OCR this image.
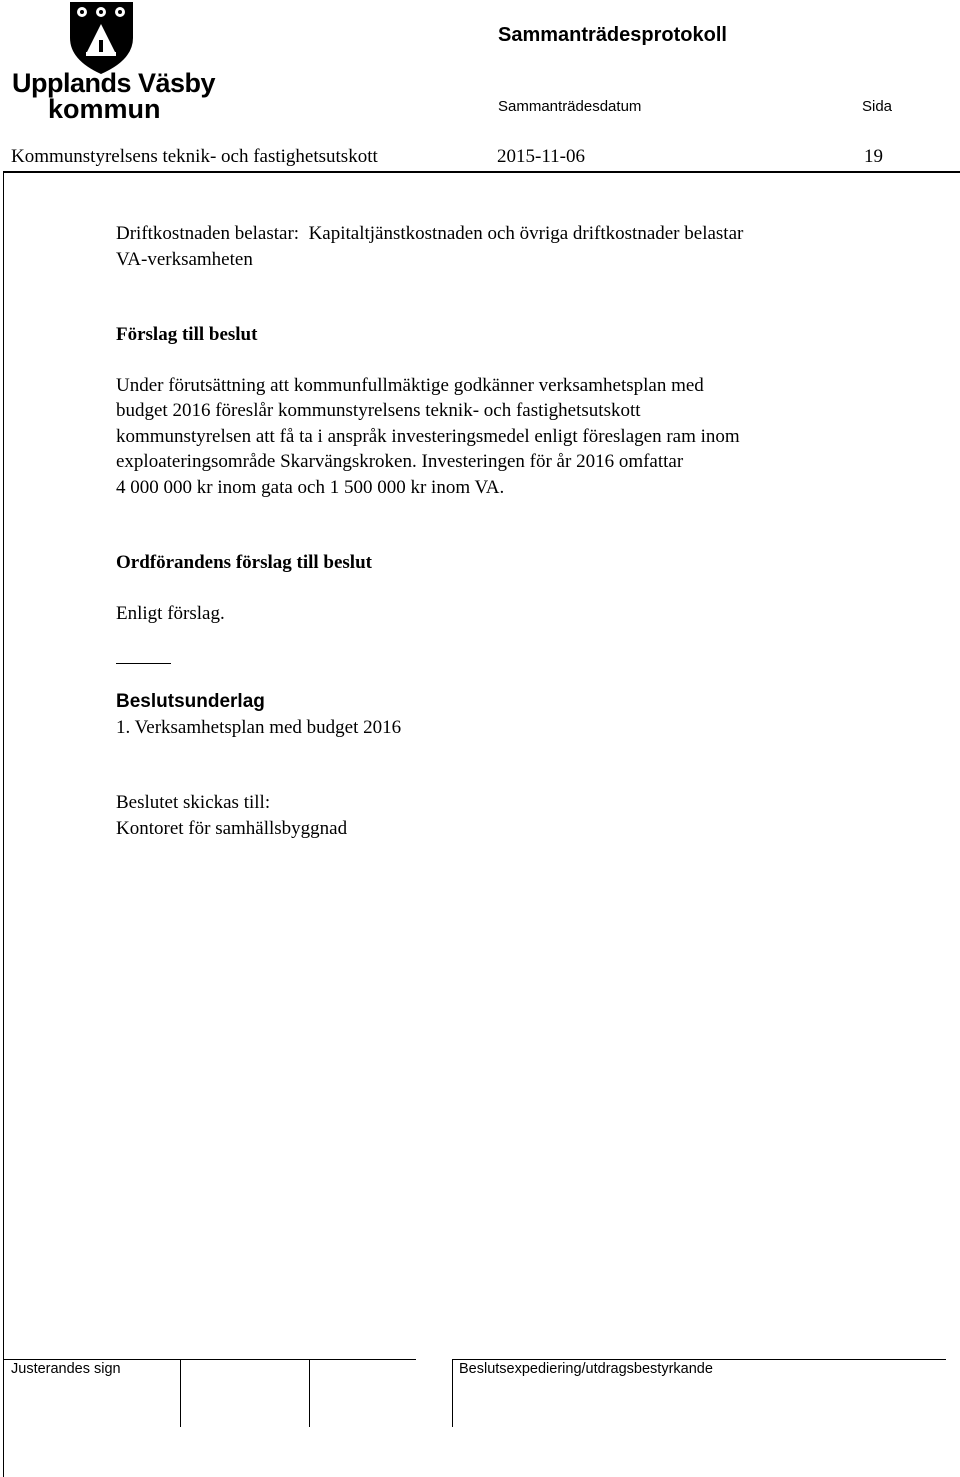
Upplands Väsby
kommun
Sammanträdesprotokoll
Sammanträdesdatum	Sida
Kommunstyrelsens teknik- och fastighetsutskott	2015-11-06	19

Driftkostnaden belastar:  Kapitaltjänstkostnaden och övriga driftkostnader belastar

VA-verksamheten

Förslag till beslut

Under förutsättning att kommunfullmäktige godkänner verksamhetsplan med

budget 2016 föreslår kommunstyrelsens teknik- och fastighetsutskott

kommunstyrelsen att få ta i anspråk investeringsmedel enligt föreslagen ram inom

exploateringsområde Skarvängskroken. Investeringen för år 2016 omfattar

4 000 000 kr inom gata och 1 500 000 kr inom VA.

Ordförandens förslag till beslut

Enligt förslag.

Beslutsunderlag

1. Verksamhetsplan med budget 2016

Beslutet skickas till:

Kontoret för samhällsbyggnad

Justerandes sign	Beslutsexpediering/utdragsbestyrkande
